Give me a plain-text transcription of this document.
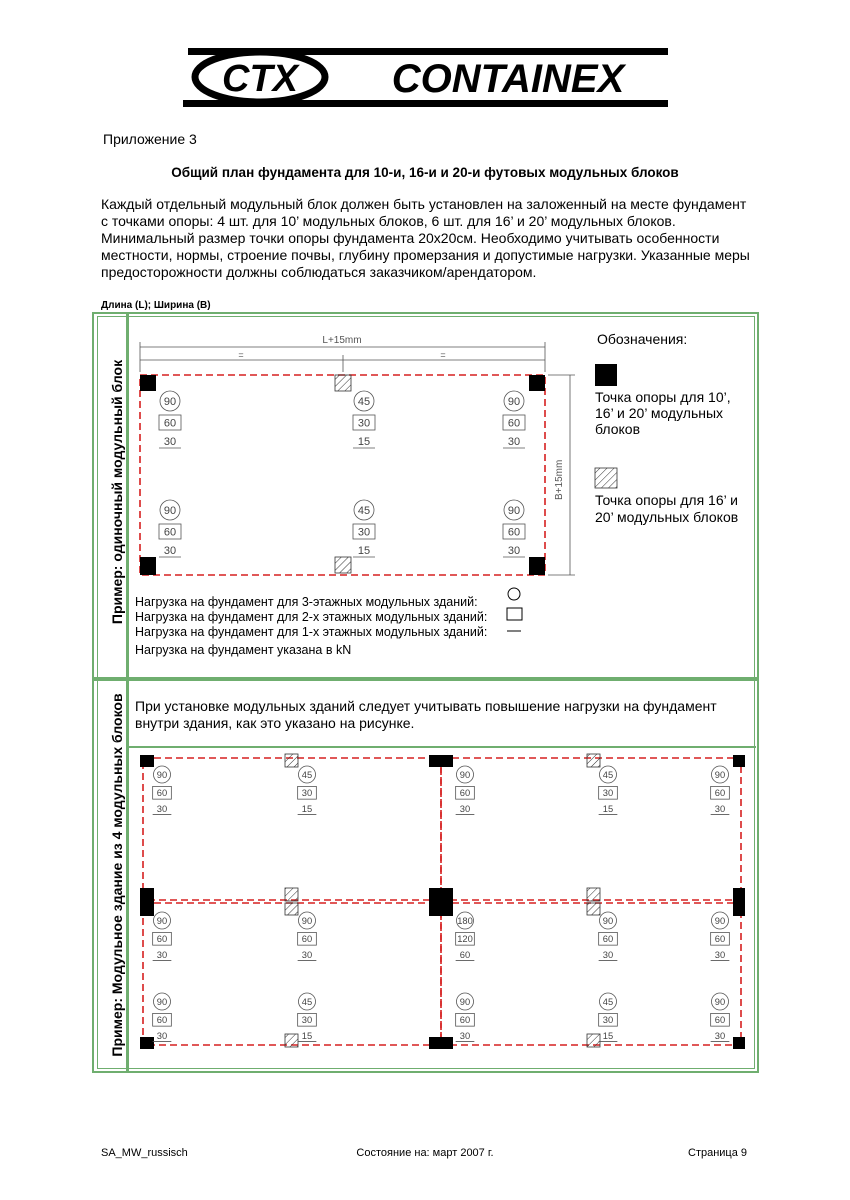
CTX CONTAINEX
Приложение 3
Общий план фундамента для 10-и, 16-и и 20-и футовых модульных блоков
Каждый отдельный модульный блок должен быть установлен на заложенный на месте фундамент с точками опоры: 4 шт. для 10’ модульных блоков, 6 шт. для 16’ и 20’ модульных блоков. Минимальный размер точки опоры фундамента 20x20см. Необходимо учитывать особенности местности, нормы, строение почвы, глубину промерзания и допустимые нагрузки. Указанные меры предосторожности должны соблюдаться заказчиком/арендатором.
Длина (L); Ширина (B)
Пример: одиночный модульный блок
Пример: Модульное здание из 4 модульных блоков
L+15mm
=	=
B+15mm
90
60
30
45
30
15
90
60
30
90
60
30
45
30
15
90
60
30
90
60
30
45
30
15
90
60
30
45
30
15
90
60
30
90
60
30
90
60
30
180
120
60
90
60
30
90
60
30
90
60
30
45
30
15
90
60
30
45
30
15
90
60
30
Обозначения:
Точка опоры для 10’, 16’ и 20’ модульных блоков
Точка опоры для 16’ и 20’ модульных блоков
Нагрузка на фундамент для 3-этажных модульных зданий:
Нагрузка на фундамент для 2-х этажных модульных зданий:
Нагрузка на фундамент для 1-х этажных модульных зданий:
Нагрузка на фундамент указана в kN
При установке модульных зданий следует учитывать повышение нагрузки на фундамент внутри здания, как это указано на рисунке.
SA_MW_russisch	Состояние на: март 2007 г.	Страница 9
